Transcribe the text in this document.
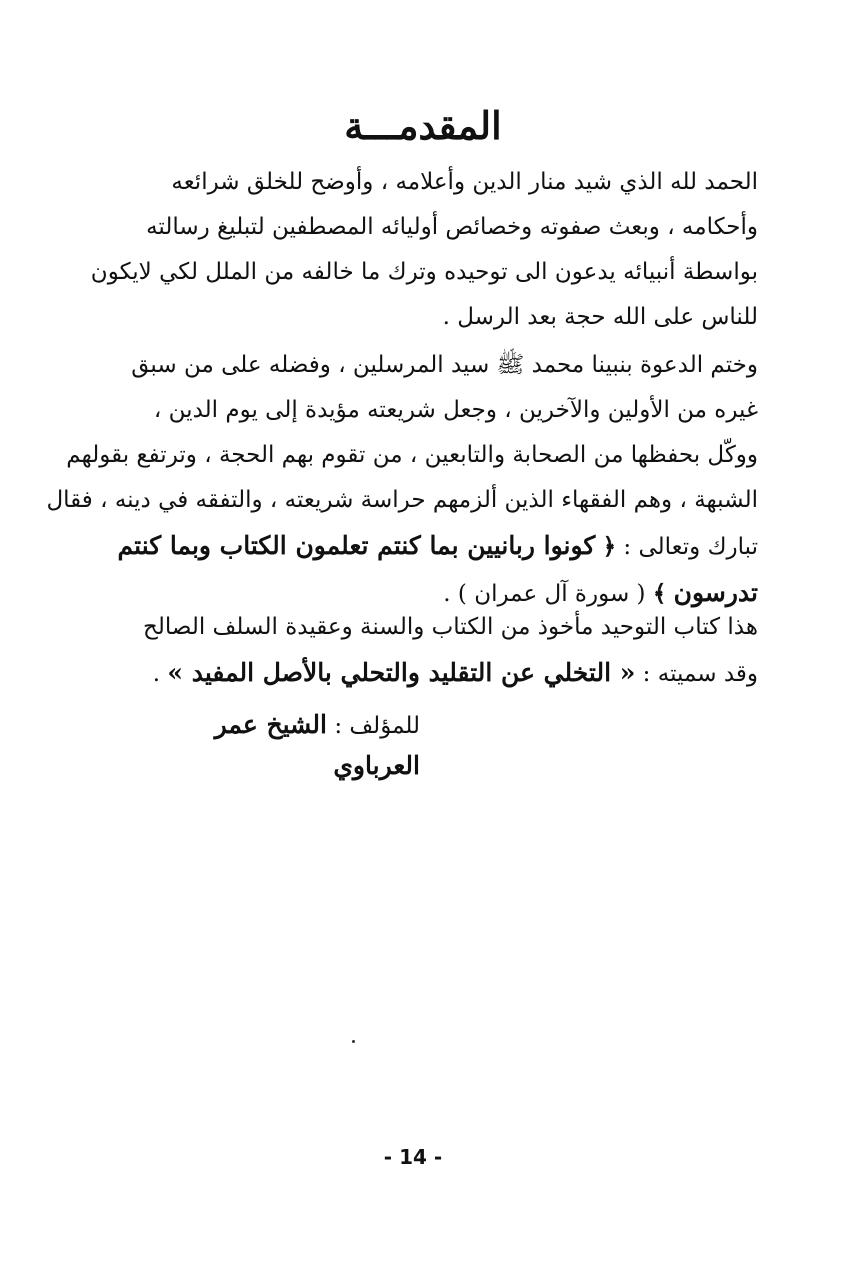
المقدمـــة
الحمد لله الذي شيد منار الدين وأعلامه ، وأوضح للخلق شرائعه
وأحكامه ، وبعث صفوته وخصائص أوليائه المصطفين لتبليغ رسالته
بواسطة أنبيائه يدعون الى توحيده وترك ما خالفه من الملل لكي لايكون
للناس على الله حجة بعد الرسل .
وختم الدعوة بنبينا محمد ﷺ سيد المرسلين ، وفضله على من سبق
غيره من الأولين والآخرين ، وجعل شريعته مؤيدة إلى يوم الدين ،
ووكّل بحفظها من الصحابة والتابعين ، من تقوم بهم الحجة ، وترتفع بقولهم
الشبهة ، وهم الفقهاء الذين ألزمهم حراسة شريعته ، والتفقه في دينه ، فقال
تبارك وتعالى : ﴿ كونوا ربانيين بما كنتم تعلمون الكتاب وبما كنتم
تدرسون ﴾ ( سورة آل عمران ) .
هذا كتاب التوحيد مأخوذ من الكتاب والسنة وعقيدة السلف الصالح
وقد سميته : « التخلي عن التقليد والتحلي بالأصل المفيد » .
للمؤلف : الشيخ عمر العرباوي
- 14 -
